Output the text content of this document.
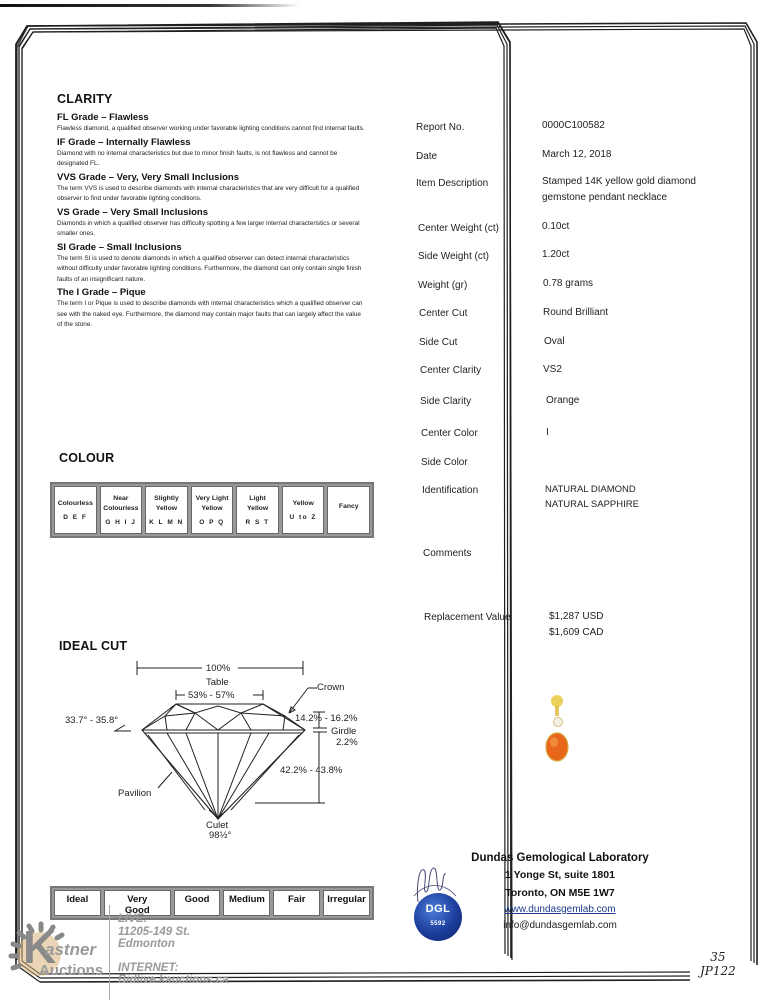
CLARITY
FL Grade – Flawless
Flawless diamond, a qualified observer working under favorable lighting conditions cannot find internal faults.
IF Grade – Internally Flawless
Diamond with no internal characteristics but due to minor finish faults, is not flawless and cannot be designated FL.
VVS Grade – Very, Very Small Inclusions
The term VVS is used to describe diamonds with internal characteristics that are very difficult for a qualified observer to find under favorable lighting conditions.
VS Grade – Very Small Inclusions
Diamonds in which a qualified observer has difficulty spotting a few larger internal characteristics or several smaller ones.
SI Grade – Small Inclusions
The term SI is used to denote diamonds in which a qualified observer can detect internal characteristics without difficulty under favorable lighting conditions. Furthermore, the diamond can only contain single finish faults of an insignificant nature.
The I Grade – Pique
The term I or Pique is used to describe diamonds with internal characteristics which a qualified observer can see with the naked eye. Furthermore, the diamond may contain major faults that can largely affect the value of the stone.
COLOUR
Colourless
D E F
Near Colourless
G H I J
Slightly Yellow
K L M N
Very Light Yellow
O P Q
Light Yellow
R S T
Yellow
U to Z
Fancy
IDEAL CUT
100%
Table
53% - 57%
Crown
33.7° - 35.8°	14.2% - 16.2%
Girdle
2.2%
42.2% - 43.8%
Pavilion
Culet
98½°
Ideal	Very Good
Good	Medium	Fair	Irregular
Report No.	0000C100582
Date	March 12, 2018
Item Description	Stamped 14K yellow gold diamond
gemstone pendant necklace
Center Weight (ct)	0.10ct
Side Weight (ct)	1.20ct
Weight (gr)	0.78 grams
Center Cut	Round Brilliant
Side Cut	Oval
Center Clarity	VS2
Side Clarity	Orange
Center Color	I
Side Color
Identification	NATURAL DIAMOND
NATURAL SAPPHIRE
Comments
Replacement Value	$1,287 USD
$1,609 CAD
DGL
5592
Dundas Gemological Laboratory
1 Yonge St, suite 1801
Toronto, ON M5E 1W7
www.dundasgemlab.com
info@dundasgemlab.com
35
JP122
K
astner
Auctions
LIVE:
11205-149 St.
Edmonton
INTERNET:
Bidlive.kauctions.ca
